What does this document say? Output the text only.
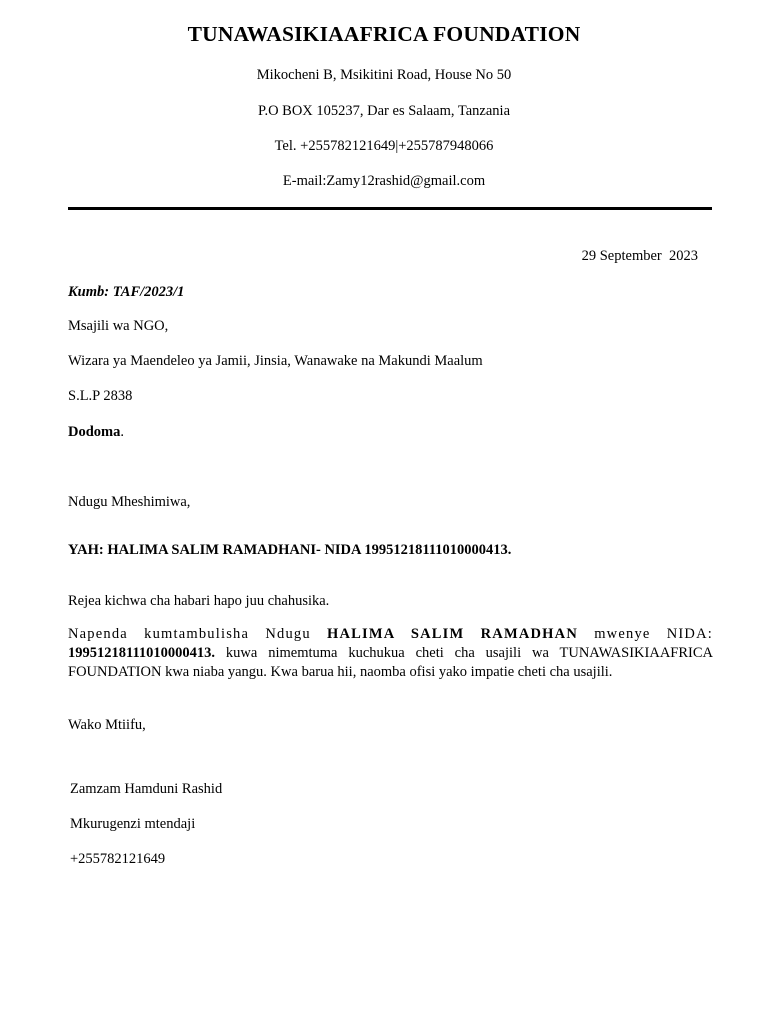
TUNAWASIKIAAFRICA FOUNDATION
Mikocheni B, Msikitini Road, House No 50
P.O BOX 105237, Dar es Salaam, Tanzania
Tel. +255782121649|+255787948066
E-mail:Zamy12rashid@gmail.com
29 September  2023
Kumb: TAF/2023/1
Msajili wa NGO,
Wizara ya Maendeleo ya Jamii, Jinsia, Wanawake na Makundi Maalum
S.L.P 2838
Dodoma.
Ndugu Mheshimiwa,
YAH: HALIMA SALIM RAMADHANI- NIDA 19951218111010000413.
Rejea kichwa cha habari hapo juu chahusika.
Napenda kumtambulisha Ndugu HALIMA SALIM RAMADHAN mwenye NIDA:
19951218111010000413. kuwa nimemtuma kuchukua cheti cha usajili wa TUNAWASIKIAAFRICA
FOUNDATION kwa niaba yangu. Kwa barua hii, naomba ofisi yako impatie cheti cha usajili.
Wako Mtiifu,
Zamzam Hamduni Rashid
Mkurugenzi mtendaji
+255782121649
